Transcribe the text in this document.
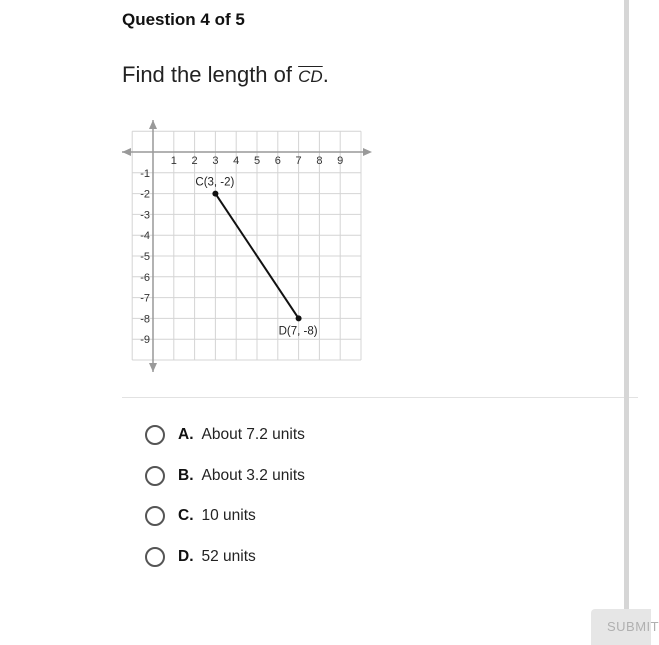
Question 4 of 5
Find the length of $\overline{CD}$.
1 2 3 4 5 6 7 8 9
-1
-2
-3
-4
-5
-6
-7
-8
-9
C(3, -2)
D(7, -8)
A. About 7.2 units
B. About 3.2 units
C. 10 units
D. 52 units
SUBMIT
